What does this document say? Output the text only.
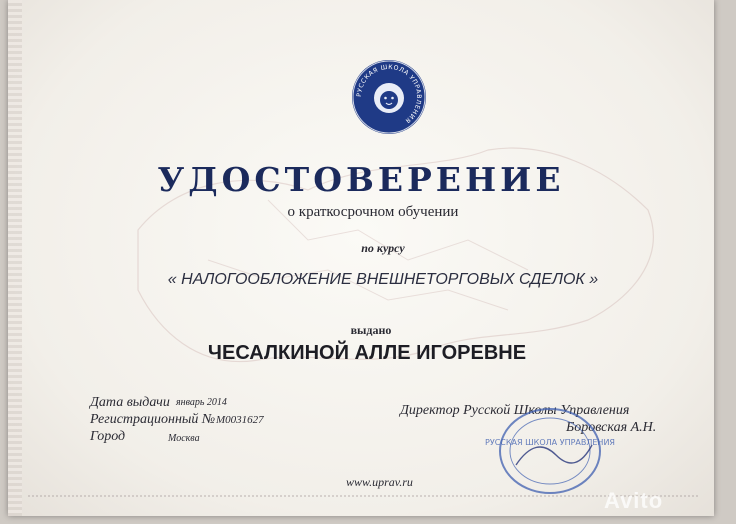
РУССКАЯ ШКОЛА УПРАВЛЕНИЯ
УДОСТОВЕРЕНИЕ
о краткосрочном обучении
по курсу
« НАЛОГООБЛОЖЕНИЕ ВНЕШНЕТОРГОВЫХ СДЕЛОК »
выдано
ЧЕСАЛКИНОЙ АЛЛЕ ИГОРЕВНЕ
Дата выдачи январь 2014
Регистрационный № M0031627
Город	Москва
Директор Русской Школы Управления
Боровская А.Н.
РУССКАЯ ШКОЛА УПРАВЛЕНИЯ
www.uprav.ru
Avito
